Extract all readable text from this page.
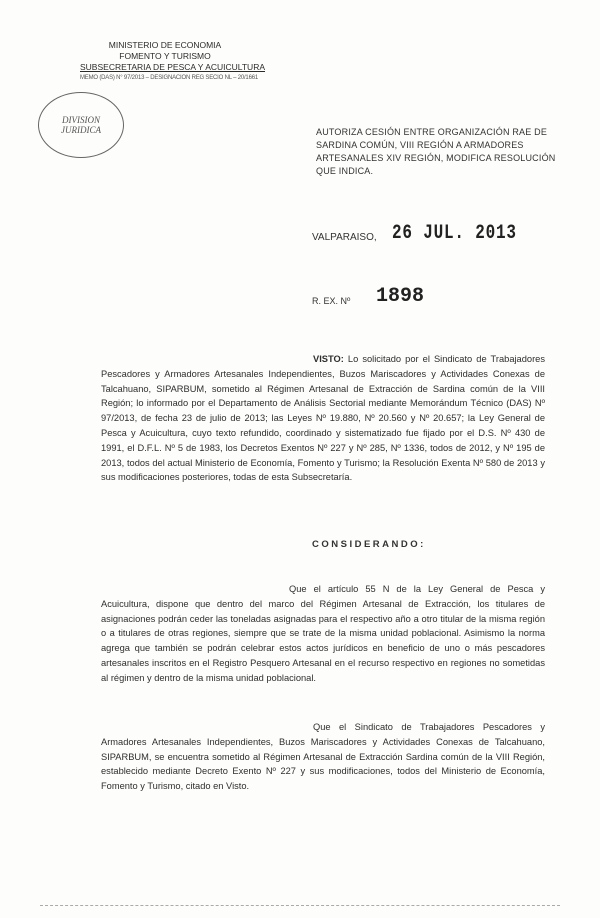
MINISTERIO DE ECONOMIA
FOMENTO Y TURISMO
SUBSECRETARIA DE PESCA Y ACUICULTURA
MEMO (DAS) N° 97/2013 – DESIGNACION REG SECIO NL – 20/1661
DIVISION
JURIDICA	AUTORIZA CESIÓN ENTRE ORGANIZACIÓN RAE DE SARDINA COMÚN, VIII REGIÓN A ARMADORES ARTESANALES XIV REGIÓN, MODIFICA RESOLUCIÓN QUE INDICA.
VALPARAISO, 26 JUL. 2013
R. EX. Nº 1898
VISTO: Lo solicitado por el Sindicato de Trabajadores Pescadores y Armadores Artesanales Independientes, Buzos Mariscadores y Actividades Conexas de Talcahuano, SIPARBUM, sometido al Régimen Artesanal de Extracción de Sardina común de la VIII Región; lo informado por el Departamento de Análisis Sectorial mediante Memorándum Técnico (DAS) Nº 97/2013, de fecha 23 de julio de 2013; las Leyes Nº 19.880, Nº 20.560 y Nº 20.657; la Ley General de Pesca y Acuicultura, cuyo texto refundido, coordinado y sistematizado fue fijado por el D.S. Nº 430 de 1991, el D.F.L. Nº 5 de 1983, los Decretos Exentos Nº 227 y Nº 285, Nº 1336, todos de 2012, y Nº 195 de 2013, todos del actual Ministerio de Economía, Fomento y Turismo; la Resolución Exenta Nº 580 de 2013 y sus modificaciones posteriores, todas de esta Subsecretaría.
CONSIDERANDO:
Que el artículo 55 N de la Ley General de Pesca y Acuicultura, dispone que dentro del marco del Régimen Artesanal de Extracción, los titulares de asignaciones podrán ceder las toneladas asignadas para el respectivo año a otro titular de la misma región o a titulares de otras regiones, siempre que se trate de la misma unidad poblacional. Asimismo la norma agrega que también se podrán celebrar estos actos jurídicos en beneficio de uno o más pescadores artesanales inscritos en el Registro Pesquero Artesanal en el recurso respectivo en regiones no sometidas al régimen y dentro de la misma unidad poblacional.
Que el Sindicato de Trabajadores Pescadores y Armadores Artesanales Independientes, Buzos Mariscadores y Actividades Conexas de Talcahuano, SIPARBUM, se encuentra sometido al Régimen Artesanal de Extracción Sardina común de la VIII Región, establecido mediante Decreto Exento Nº 227 y sus modificaciones, todos del Ministerio de Economía, Fomento y Turismo, citado en Visto.
